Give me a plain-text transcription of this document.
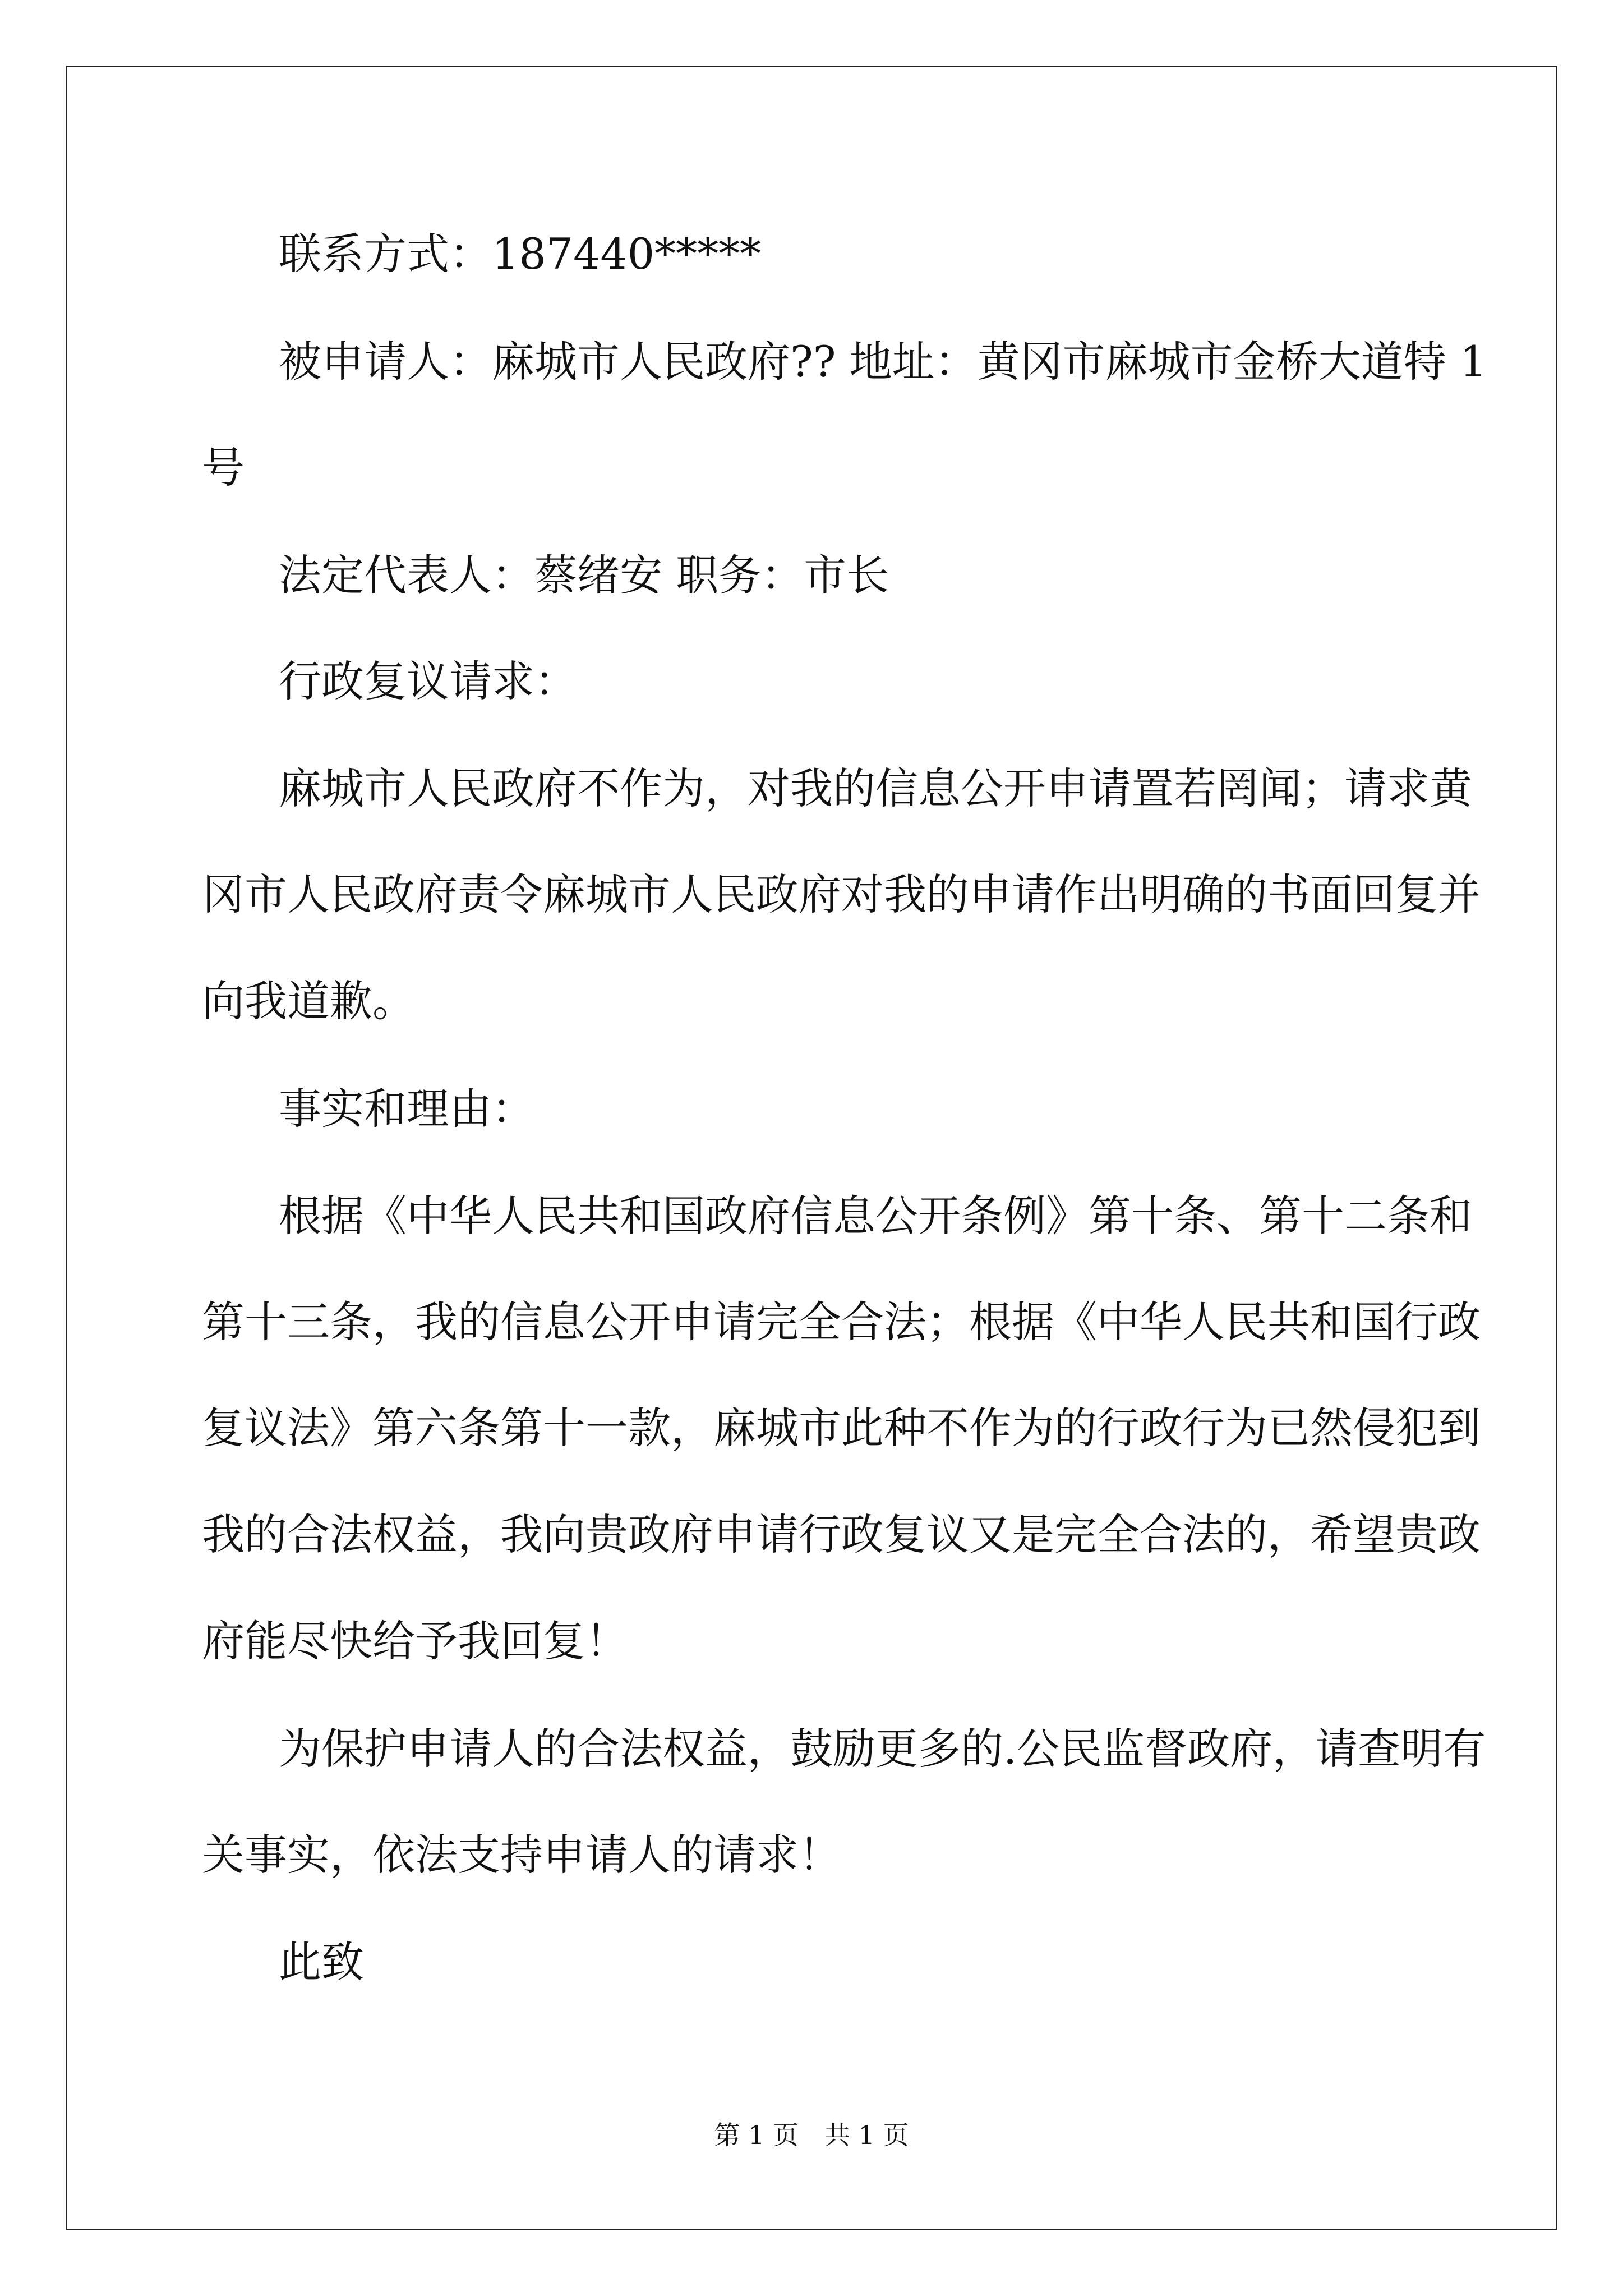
联系方式：187440*****

被申请人：麻城市人民政府?? 地址：黄冈市麻城市金桥大道特 1

号

法定代表人：蔡绪安 职务：市长

行政复议请求：

麻城市人民政府不作为，对我的信息公开申请置若罔闻；请求黄

冈市人民政府责令麻城市人民政府对我的申请作出明确的书面回复并

向我道歉。

事实和理由：

根据《中华人民共和国政府信息公开条例》第十条、第十二条和

第十三条，我的信息公开申请完全合法；根据《中华人民共和国行政

复议法》第六条第十一款，麻城市此种不作为的行政行为已然侵犯到

我的合法权益，我向贵政府申请行政复议又是完全合法的，希望贵政

府能尽快给予我回复！

为保护申请人的合法权益，鼓励更多的.公民监督政府，请查明有

关事实，依法支持申请人的请求！

此致

第 1 页 共 1 页
